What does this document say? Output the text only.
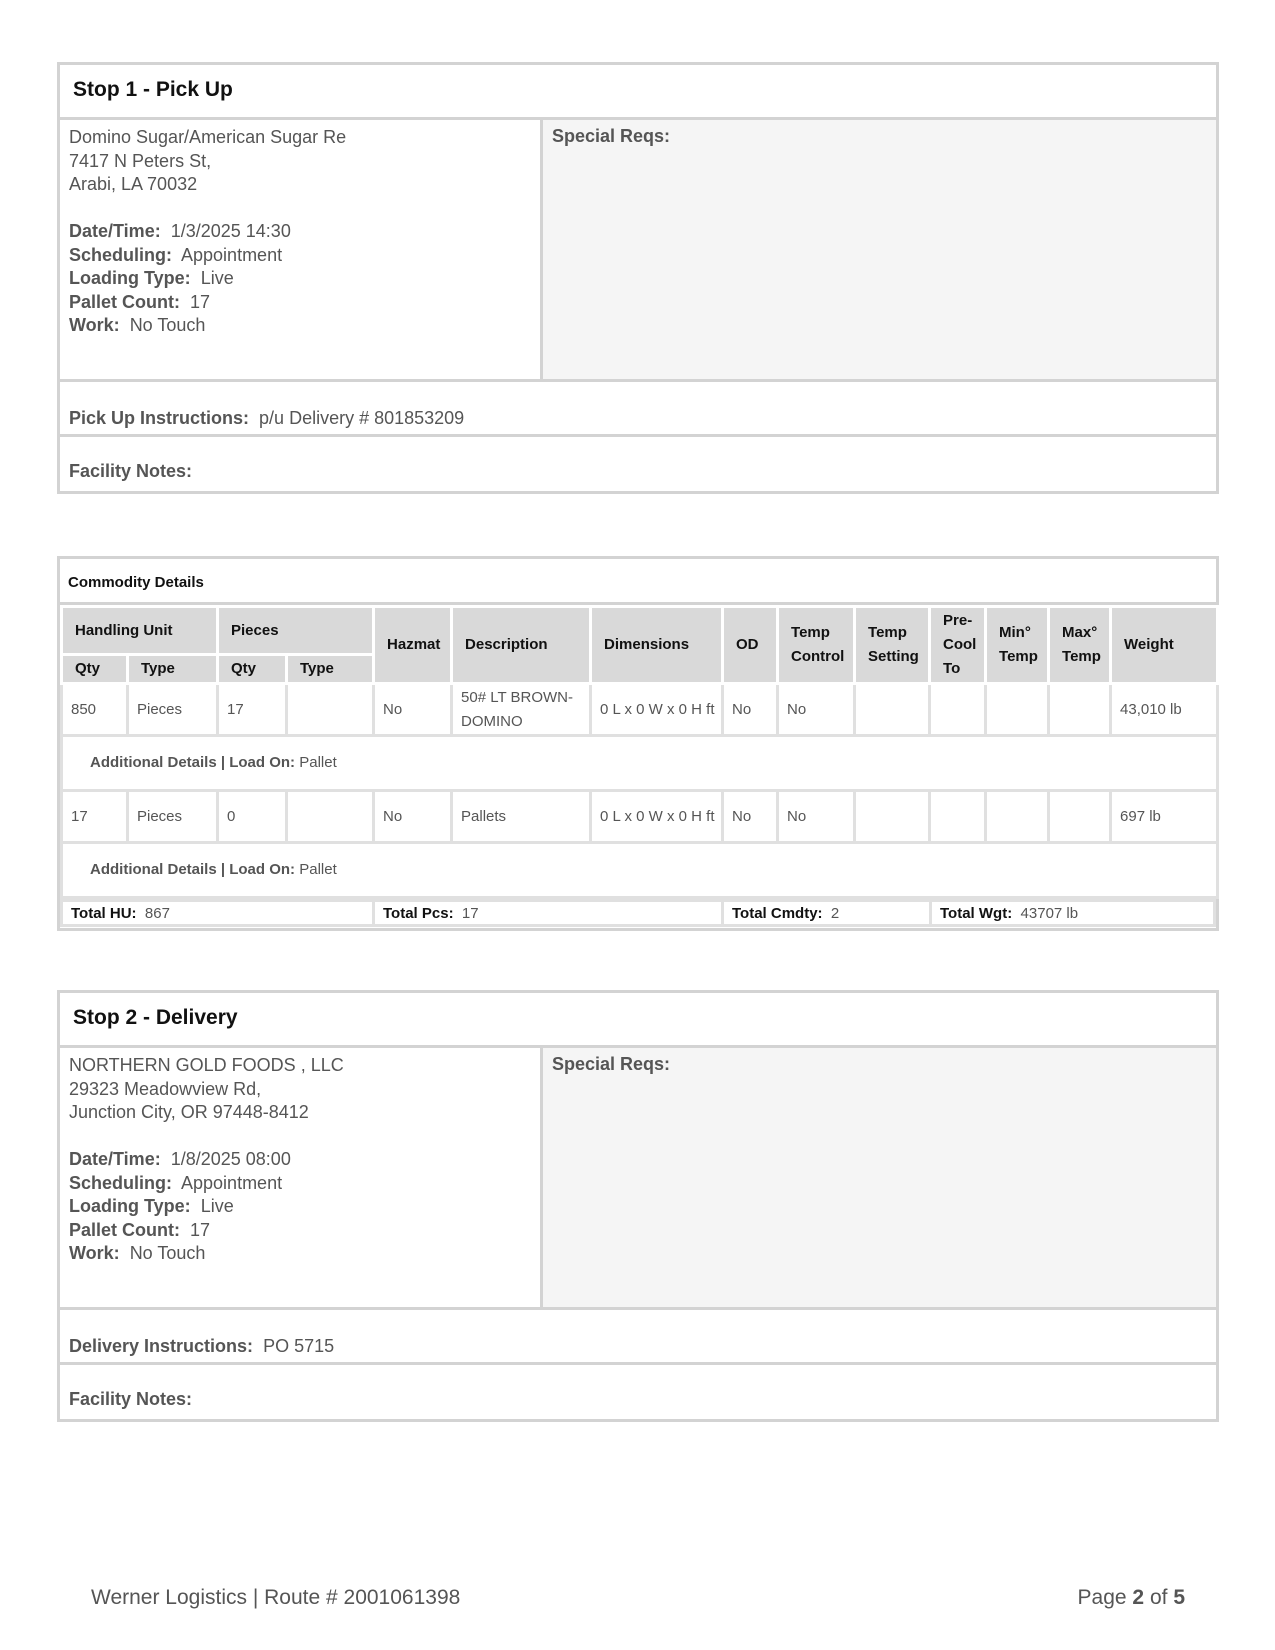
Stop 1 - Pick Up
Domino Sugar/American Sugar Re
7417 N Peters St,
Arabi, LA 70032
Date/Time: 1/3/2025 14:30
Scheduling: Appointment
Loading Type: Live
Pallet Count: 17
Work: No Touch
Special Reqs:
Pick Up Instructions: p/u Delivery # 801853209
Facility Notes:
Commodity Details
Handling Unit		Pieces		Hazmat	Description	Dimensions	OD	Temp Control	Temp Setting	Pre-Cool To	Min° Temp	Max° Temp	Weight
Qty	Type	Qty	Type										
850	Pieces	17		No	50# LT BROWN-DOMINO	0 L x 0 W x 0 H ft	No	No					43,010 lb
Additional Details | Load On: Pallet													
17	Pieces	0		No	Pallets	0 L x 0 W x 0 H ft	No	No					697 lb
Additional Details | Load On: Pallet													
Total HU: 867	Total Pcs: 17	Total Cmdty: 2	Total Wgt: 43707 lb
Stop 2 - Delivery
NORTHERN GOLD FOODS , LLC
29323 Meadowview Rd,
Junction City, OR 97448-8412
Date/Time: 1/8/2025 08:00
Scheduling: Appointment
Loading Type: Live
Pallet Count: 17
Work: No Touch
Special Reqs:
Delivery Instructions: PO 5715
Facility Notes:
Werner Logistics | Route # 2001061398	Page 2 of 5
